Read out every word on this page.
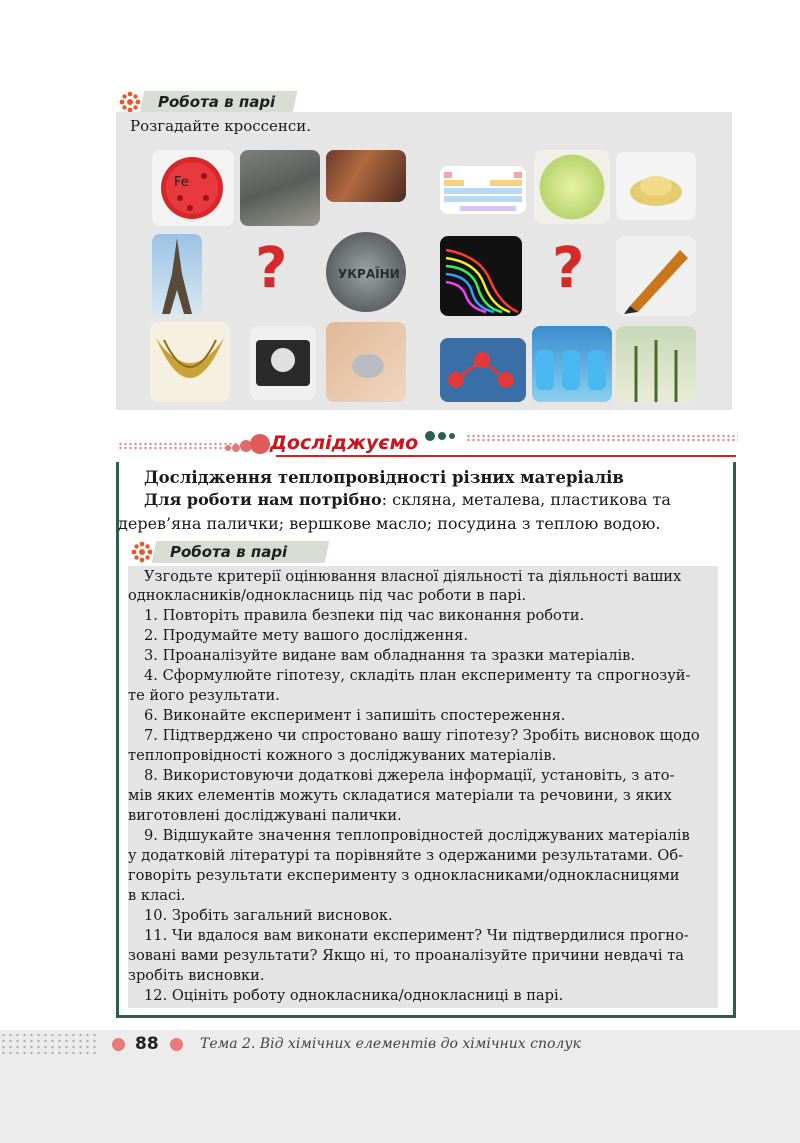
Робота в парі
Розгадайте кроссенси.
Fe
?	УКРАЇНИ	?
Досліджуємо
Дослідження теплопровідності різних матеріалів
Для роботи нам потрібно: скляна, металева, пластикова та
дерев’яна палички; вершкове масло; посудина з теплою водою.
Робота в парі
Узгодьте критерії оцінювання власної діяльності та діяльності ваших
однокласників/однокласниць під час роботи в парі.
1. Повторіть правила безпеки під час виконання роботи.
2. Продумайте мету вашого дослідження.
3. Проаналізуйте видане вам обладнання та зразки матеріалів.
4. Сформулюйте гіпотезу, складіть план експерименту та спрогнозуй-
те його результати.
6. Виконайте експеримент і запишіть спостереження.
7. Підтверджено чи спростовано вашу гіпотезу? Зробіть висновок щодо
теплопровідності кожного з досліджуваних матеріалів.
8. Використовуючи додаткові джерела інформації, установіть, з ато-
мів яких елементів можуть складатися матеріали та речовини, з яких
виготовлені досліджувані палички.
9. Відшукайте значення теплопровідностей досліджуваних матеріалів
у додатковій літературі та порівняйте з одержаними результатами. Об-
говоріть результати експерименту з однокласниками/однокласницями
в класі.
10. Зробіть загальний висновок.
11. Чи вдалося вам виконати експеримент? Чи підтвердилися прогно-
зовані вами результати? Якщо ні, то проаналізуйте причини невдачі та
зробіть висновки.
12. Оцініть роботу однокласника/однокласниці в парі.
88	Тема 2. Від хімічних елементів до хімічних сполук
